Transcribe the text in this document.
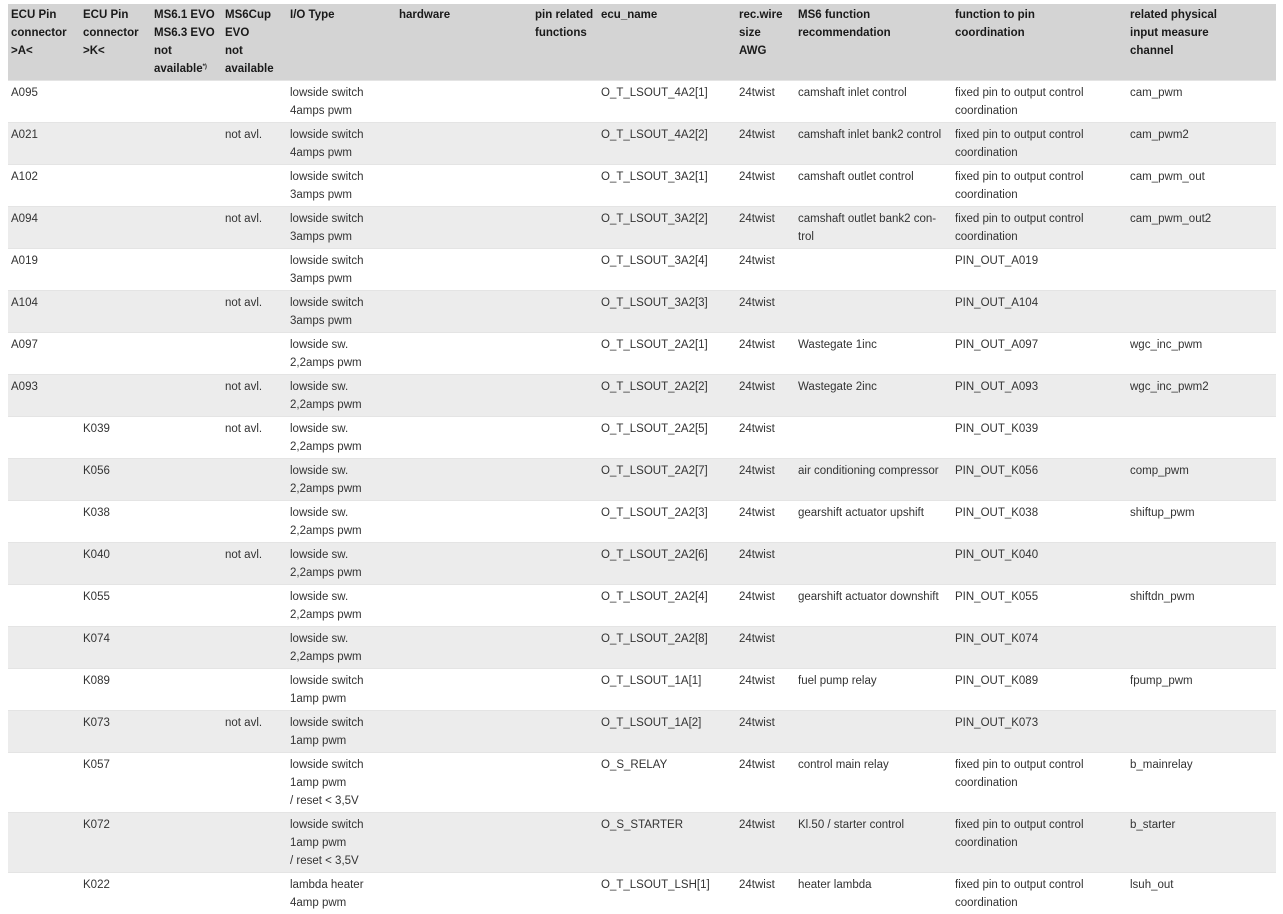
ECU Pin
connector
>A<	ECU Pin
connector
>K<	MS6.1 EVO
MS6.3 EVO
not
available*)	MS6Cup
EVO
not
available	I/O Type	hardware	pin related
functions	ecu_name	rec.wire
size
AWG	MS6 function
recommendation	function to pin
coordination	related physical
input measure
channel
A095				lowside switch
4amps pwm			O_T_LSOUT_4A2[1]	24twist	camshaft inlet control	fixed pin to output control
coordination	cam_pwm
A021			not avl.	lowside switch
4amps pwm			O_T_LSOUT_4A2[2]	24twist	camshaft inlet bank2 control	fixed pin to output control
coordination	cam_pwm2
A102				lowside switch
3amps pwm			O_T_LSOUT_3A2[1]	24twist	camshaft outlet control	fixed pin to output control
coordination	cam_pwm_out
A094			not avl.	lowside switch
3amps pwm			O_T_LSOUT_3A2[2]	24twist	camshaft outlet bank2 con-
trol	fixed pin to output control
coordination	cam_pwm_out2
A019				lowside switch
3amps pwm			O_T_LSOUT_3A2[4]	24twist		PIN_OUT_A019	
A104			not avl.	lowside switch
3amps pwm			O_T_LSOUT_3A2[3]	24twist		PIN_OUT_A104	
A097				lowside sw.
2,2amps pwm			O_T_LSOUT_2A2[1]	24twist	Wastegate 1inc	PIN_OUT_A097	wgc_inc_pwm
A093			not avl.	lowside sw.
2,2amps pwm			O_T_LSOUT_2A2[2]	24twist	Wastegate 2inc	PIN_OUT_A093	wgc_inc_pwm2
	K039		not avl.	lowside sw.
2,2amps pwm			O_T_LSOUT_2A2[5]	24twist		PIN_OUT_K039	
	K056			lowside sw.
2,2amps pwm			O_T_LSOUT_2A2[7]	24twist	air conditioning compressor	PIN_OUT_K056	comp_pwm
	K038			lowside sw.
2,2amps pwm			O_T_LSOUT_2A2[3]	24twist	gearshift actuator upshift	PIN_OUT_K038	shiftup_pwm
	K040		not avl.	lowside sw.
2,2amps pwm			O_T_LSOUT_2A2[6]	24twist		PIN_OUT_K040	
	K055			lowside sw.
2,2amps pwm			O_T_LSOUT_2A2[4]	24twist	gearshift actuator downshift	PIN_OUT_K055	shiftdn_pwm
	K074			lowside sw.
2,2amps pwm			O_T_LSOUT_2A2[8]	24twist		PIN_OUT_K074	
	K089			lowside switch
1amp pwm			O_T_LSOUT_1A[1]	24twist	fuel pump relay	PIN_OUT_K089	fpump_pwm
	K073		not avl.	lowside switch
1amp pwm			O_T_LSOUT_1A[2]	24twist		PIN_OUT_K073	
	K057			lowside switch
1amp pwm
/ reset < 3,5V			O_S_RELAY	24twist	control main relay	fixed pin to output control
coordination	b_mainrelay
	K072			lowside switch
1amp pwm
/ reset < 3,5V			O_S_STARTER	24twist	Kl.50 / starter control	fixed pin to output control
coordination	b_starter
	K022			lambda heater
4amp pwm			O_T_LSOUT_LSH[1]	24twist	heater lambda	fixed pin to output control
coordination	lsuh_out
